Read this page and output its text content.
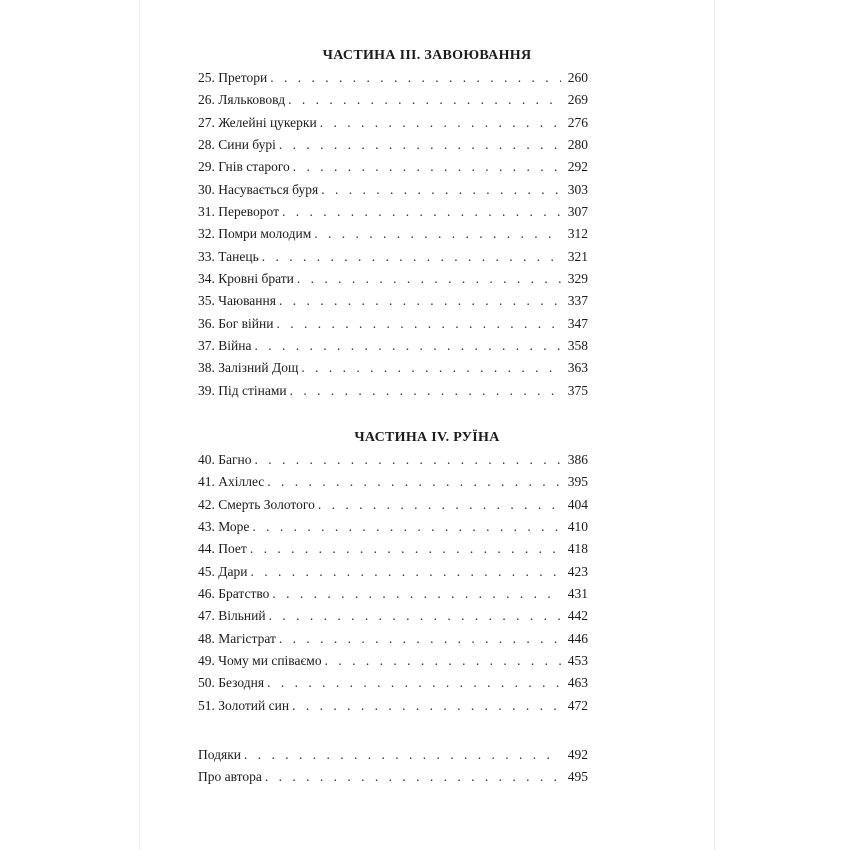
ЧАСТИНА III. ЗАВОЮВАННЯ
25. Претори . . .	260
26. Лялькововд . . .	269
27. Желейні цукерки . . .	276
28. Сини бурі . . .	280
29. Гнів старого . . .	292
30. Насувається буря . . .	303
31. Переворот . . .	307
32. Помри молодим . . .	312
33. Танець . . .	321
34. Кровні брати . . .	329
35. Чаювання . . .	337
36. Бог війни . . .	347
37. Війна . . .	358
38. Залізний Дощ . . .	363
39. Під стінами . . .	375
ЧАСТИНА IV. РУЇНА
40. Багно . . .	386
41. Ахіллес . . .	395
42. Смерть Золотого . . .	404
43. Море . . .	410
44. Поет . . .	418
45. Дари . . .	423
46. Братство . . .	431
47. Вільний . . .	442
48. Магістрат . . .	446
49. Чому ми співаємо . . .	453
50. Безодня . . .	463
51. Золотий син . . .	472
Подяки . . .	492
Про автора . . .	495
